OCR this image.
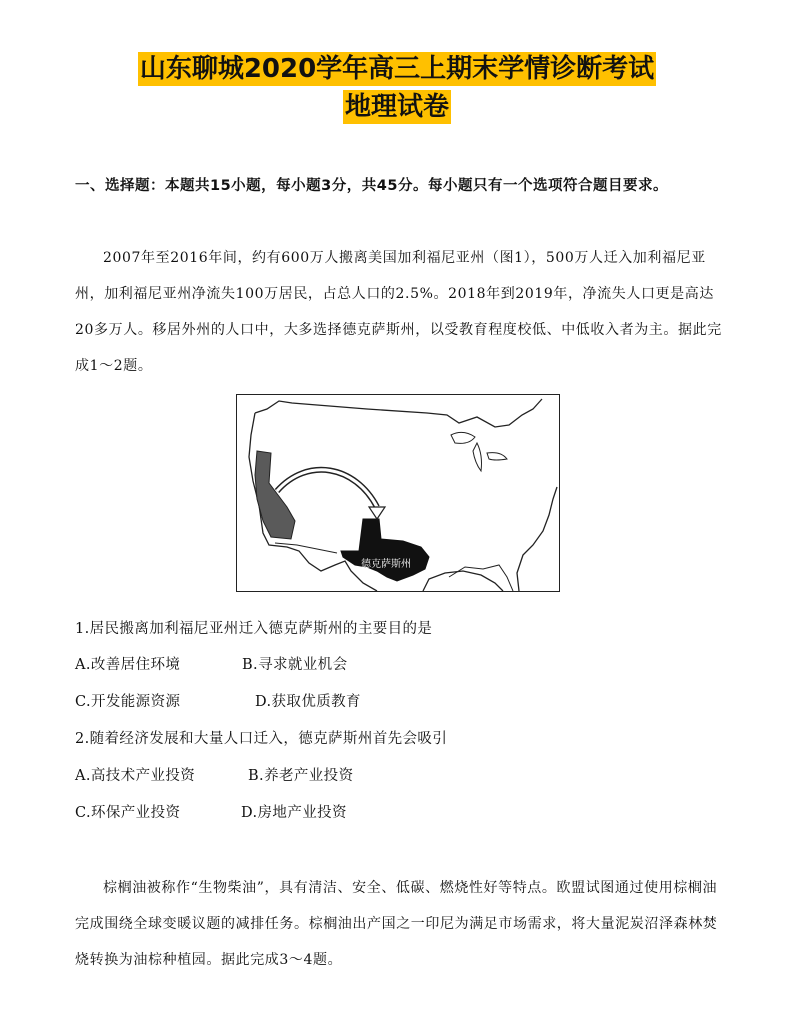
山东聊城2020学年高三上期末学情诊断考试
地理试卷
一、选择题：本题共15小题，每小题3分，共45分。每小题只有一个选项符合题目要求。
2007年至2016年间，约有600万人搬离美国加利福尼亚州（图1），500万人迁入加利福尼亚州，加利福尼亚州净流失100万居民，占总人口的2.5%。2018年到2019年，净流失人口更是高达20多万人。移居外州的人口中，大多选择德克萨斯州，以受教育程度校低、中低收入者为主。据此完成1～2题。
德克萨斯州
1.居民搬离加利福尼亚州迁入德克萨斯州的主要目的是
A.改善居住环境	B.寻求就业机会
C.开发能源资源	D.获取优质教育
2.随着经济发展和大量人口迁入，德克萨斯州首先会吸引
A.高技术产业投资	B.养老产业投资
C.环保产业投资	D.房地产业投资
棕榈油被称作“生物柴油”，具有清洁、安全、低碳、燃烧性好等特点。欧盟试图通过使用棕榈油完成围绕全球变暖议题的减排任务。棕榈油出产国之一印尼为满足市场需求，将大量泥炭沼泽森林焚烧转换为油棕种植园。据此完成3～4题。
